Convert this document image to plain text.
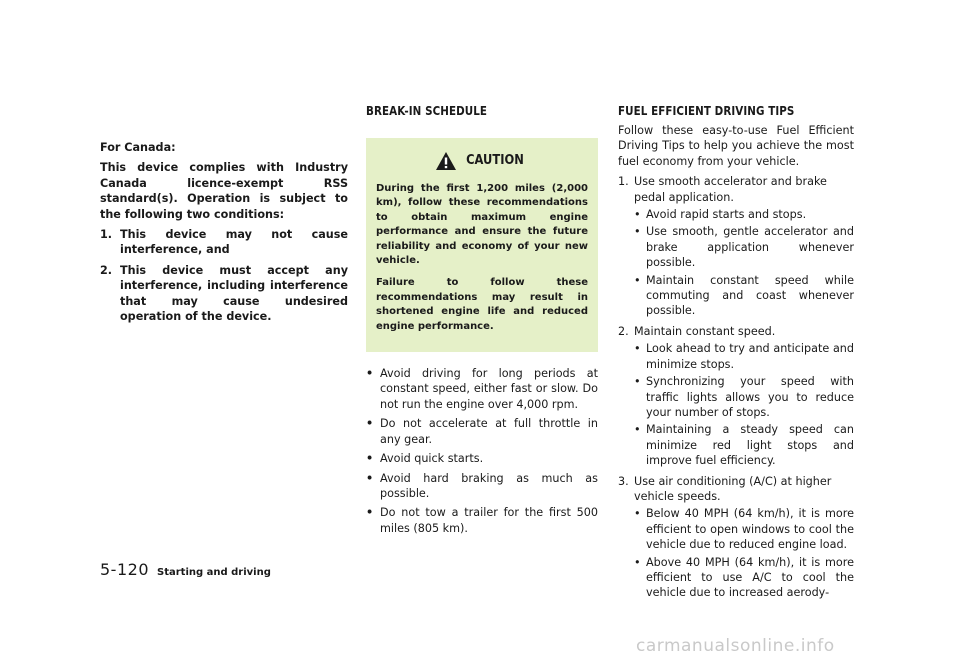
For Canada:

This device complies with Industry Canada licence-exempt RSS standard(s). Operation is subject to the following two conditions:

1. This device may not cause interference, and
2. This device must accept any interference, including interference that may cause undesired operation of the device.
BREAK-IN SCHEDULE
CAUTION

During the first 1,200 miles (2,000 km), follow these recommendations to obtain maximum engine performance and ensure the future reliability and economy of your new vehicle.

Failure to follow these recommendations may result in shortened engine life and reduced engine performance.

• Avoid driving for long periods at constant speed, either fast or slow. Do not run the engine over 4,000 rpm.
• Do not accelerate at full throttle in any gear.
• Avoid quick starts.
• Avoid hard braking as much as possible.
• Do not tow a trailer for the first 500 miles (805 km).
FUEL EFFICIENT DRIVING TIPS

Follow these easy-to-use Fuel Efficient Driving Tips to help you achieve the most fuel economy from your vehicle.

1. Use smooth accelerator and brake pedal application.
• Avoid rapid starts and stops.
• Use smooth, gentle accelerator and brake application whenever possible.
• Maintain constant speed while commuting and coast whenever possible.
2. Maintain constant speed.
• Look ahead to try and anticipate and minimize stops.
• Synchronizing your speed with traffic lights allows you to reduce your number of stops.
• Maintaining a steady speed can minimize red light stops and improve fuel efficiency.
3. Use air conditioning (A/C) at higher vehicle speeds.
• Below 40 MPH (64 km/h), it is more efficient to open windows to cool the vehicle due to reduced engine load.
• Above 40 MPH (64 km/h), it is more efficient to use A/C to cool the vehicle due to increased aerody-
5-120 Starting and driving
carmanualsonline.info
